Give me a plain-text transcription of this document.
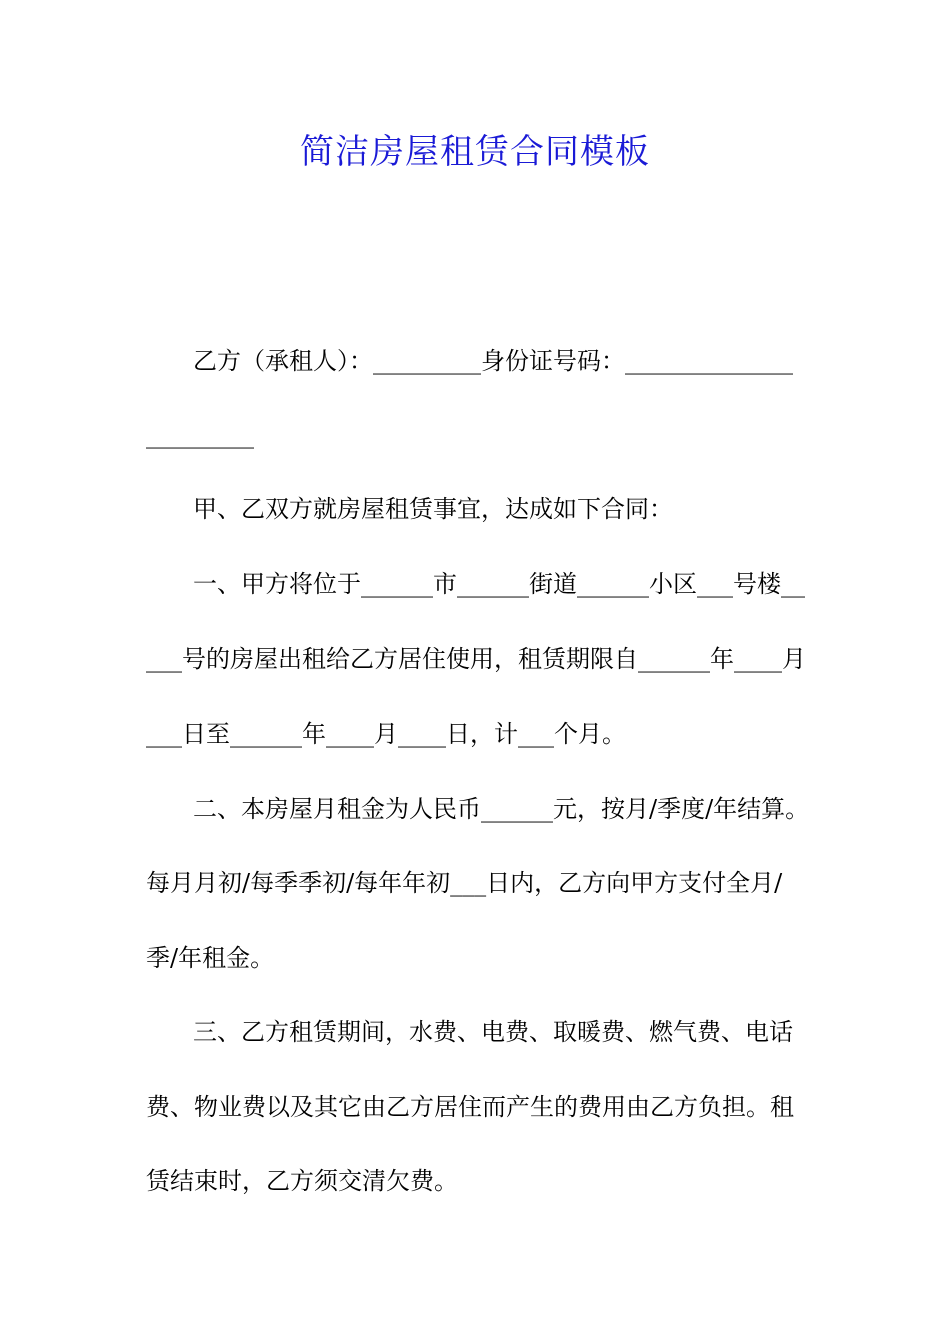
简洁房屋租赁合同模板
乙方（承租人）：_________身份证号码：______________
_________
甲、乙双方就房屋租赁事宜，达成如下合同：
一、甲方将位于______市______街道______小区___号楼__
___号的房屋出租给乙方居住使用，租赁期限自______年____月
___日至______年____月____日，计___个月。
二、本房屋月租金为人民币______元，按月/季度/年结算。
每月月初/每季季初/每年年初___日内，乙方向甲方支付全月/
季/年租金。
三、乙方租赁期间，水费、电费、取暖费、燃气费、电话
费、物业费以及其它由乙方居住而产生的费用由乙方负担。租
赁结束时，乙方须交清欠费。
